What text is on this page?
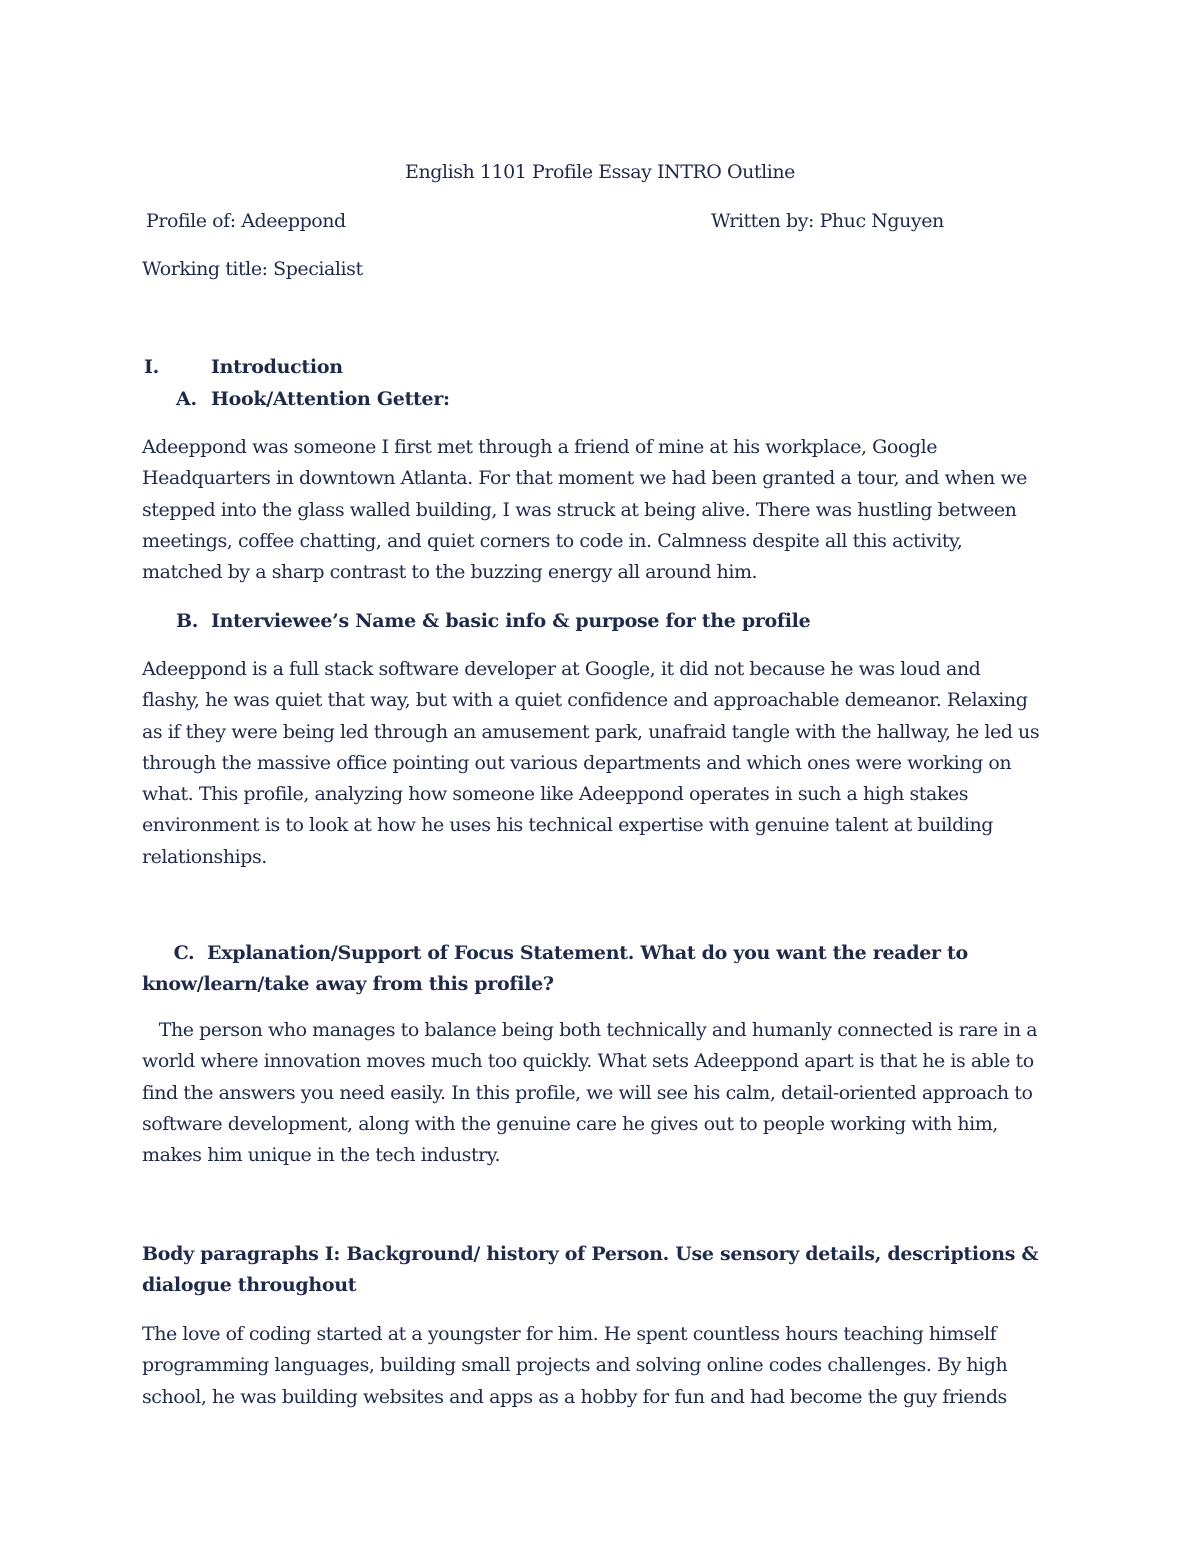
English 1101 Profile Essay INTRO Outline

Profile of: Adeeppond	Written by: Phuc Nguyen

Working title: Specialist

I.	Introduction

A. Hook/Attention Getter:

Adeeppond was someone I first met through a friend of mine at his workplace, Google
Headquarters in downtown Atlanta. For that moment we had been granted a tour, and when we
stepped into the glass walled building, I was struck at being alive. There was hustling between
meetings, coffee chatting, and quiet corners to code in. Calmness despite all this activity,
matched by a sharp contrast to the buzzing energy all around him.

B. Interviewee’s Name & basic info & purpose for the profile

Adeeppond is a full stack software developer at Google, it did not because he was loud and
flashy, he was quiet that way, but with a quiet confidence and approachable demeanor. Relaxing
as if they were being led through an amusement park, unafraid tangle with the hallway, he led us
through the massive office pointing out various departments and which ones were working on
what. This profile, analyzing how someone like Adeeppond operates in such a high stakes
environment is to look at how he uses his technical expertise with genuine talent at building
relationships.
C.  Explanation/Support of Focus Statement. What do you want the reader to
know/learn/take away from this profile?
The person who manages to balance being both technically and humanly connected is rare in a
world where innovation moves much too quickly. What sets Adeeppond apart is that he is able to
find the answers you need easily. In this profile, we will see his calm, detail-oriented approach to
software development, along with the genuine care he gives out to people working with him,
makes him unique in the tech industry.
Body paragraphs I: Background/ history of Person. Use sensory details, descriptions &
dialogue throughout
The love of coding started at a youngster for him. He spent countless hours teaching himself
programming languages, building small projects and solving online codes challenges. By high
school, he was building websites and apps as a hobby for fun and had become the guy friends
